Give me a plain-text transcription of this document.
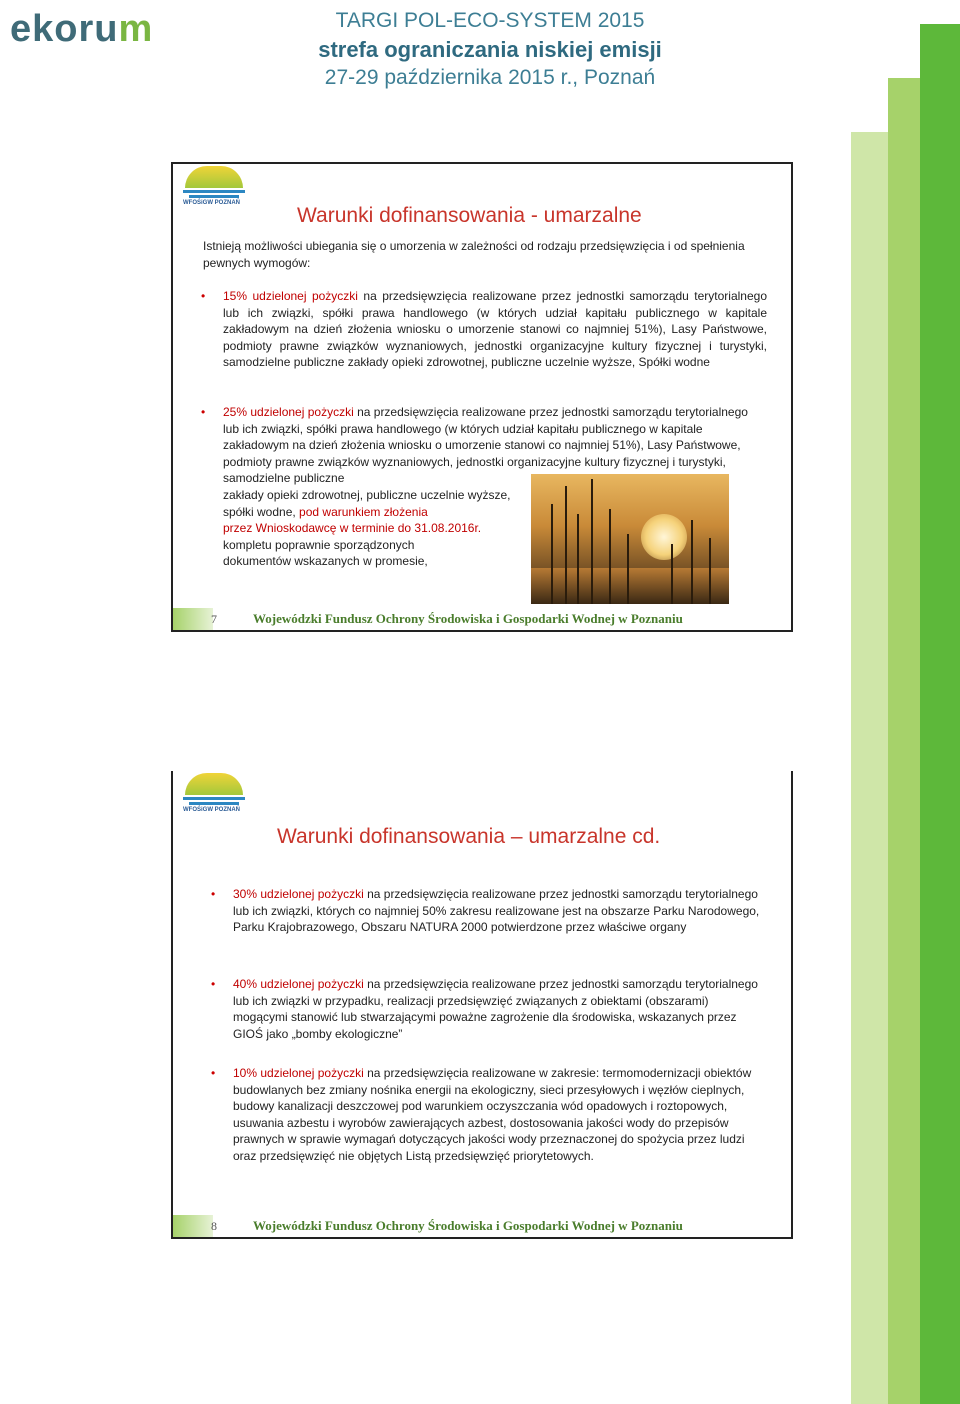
ekorum	TARGI POL-ECO-SYSTEM 2015
strefa ograniczania niskiej emisji
27-29 października 2015 r., Poznań
WFOŚiGW POZNAŃ
Warunki dofinansowania - umarzalne
Istnieją możliwości ubiegania się o umorzenia w zależności od rodzaju przedsięwzięcia i od spełnienia pewnych wymogów:
• 15% udzielonej pożyczki na przedsięwzięcia realizowane przez jednostki samorządu terytorialnego lub ich związki, spółki prawa handlowego (w których udział kapitału publicznego w kapitale zakładowym na dzień złożenia wniosku o umorzenie stanowi co najmniej 51%), Lasy Państwowe, podmioty prawne związków wyznaniowych, jednostki organizacyjne kultury fizycznej i turystyki, samodzielne publiczne zakłady opieki zdrowotnej, publiczne uczelnie wyższe, Spółki wodne
• 25% udzielonej pożyczki na przedsięwzięcia realizowane przez jednostki samorządu terytorialnego lub ich związki, spółki prawa handlowego (w których udział kapitału publicznego w kapitale zakładowym na dzień złożenia wniosku o umorzenie stanowi co najmniej 51%), Lasy Państwowe, podmioty prawne związków wyznaniowych, jednostki organizacyjne kultury fizycznej i turystyki, samodzielne publiczne
zakłady opieki zdrowotnej, publiczne uczelnie wyższe,
spółki wodne, pod warunkiem złożenia
przez Wnioskodawcę w terminie do 31.08.2016r.
kompletu poprawnie sporządzonych
dokumentów wskazanych w promesie,
7	Wojewódzki Fundusz Ochrony Środowiska i Gospodarki Wodnej w Poznaniu
WFOŚiGW POZNAŃ
Warunki dofinansowania – umarzalne cd.
• 30% udzielonej pożyczki na przedsięwzięcia realizowane przez jednostki samorządu terytorialnego lub ich związki, których co najmniej 50% zakresu realizowane jest na obszarze Parku Narodowego, Parku Krajobrazowego, Obszaru NATURA 2000 potwierdzone przez właściwe organy
• 40% udzielonej pożyczki na przedsięwzięcia realizowane przez jednostki samorządu terytorialnego lub ich związki w przypadku, realizacji przedsięwzięć związanych z obiektami (obszarami) mogącymi stanowić lub stwarzającymi poważne zagrożenie dla środowiska, wskazanych przez GIOŚ jako „bomby ekologiczne”
• 10% udzielonej pożyczki na przedsięwzięcia realizowane w zakresie: termomodernizacji obiektów budowlanych bez zmiany nośnika energii na ekologiczny, sieci przesyłowych i węzłów cieplnych, budowy kanalizacji deszczowej pod warunkiem oczyszczania wód opadowych i roztopowych, usuwania azbestu i wyrobów zawierających azbest, dostosowania jakości wody do przepisów prawnych w sprawie wymagań dotyczących jakości wody przeznaczonej do spożycia przez ludzi oraz przedsięwzięć nie objętych Listą przedsięwzięć priorytetowych.
8	Wojewódzki Fundusz Ochrony Środowiska i Gospodarki Wodnej w Poznaniu
